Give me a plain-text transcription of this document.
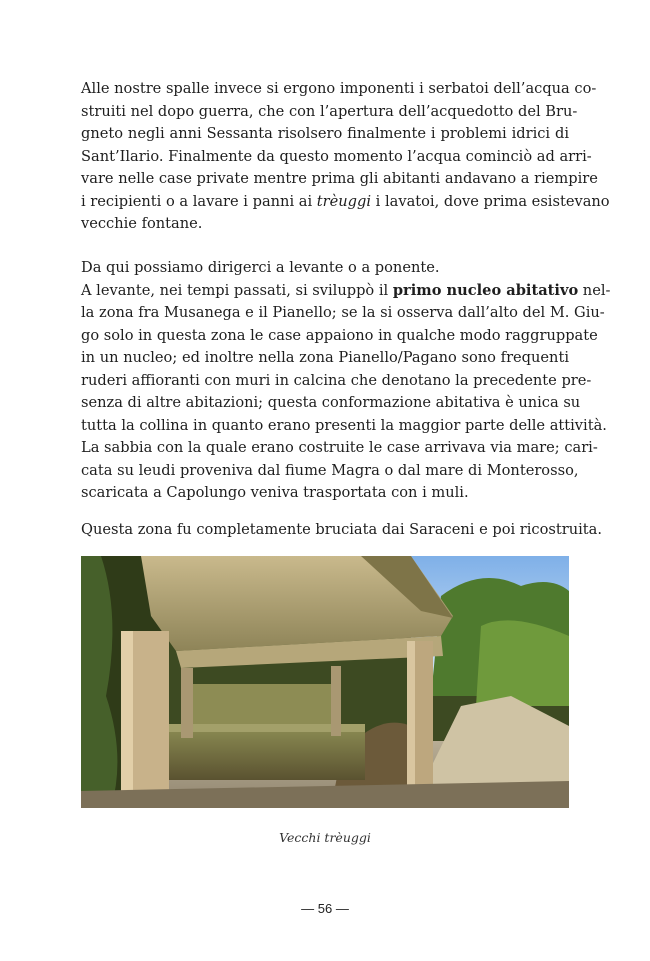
Alle nostre spalle invece si ergono imponenti i serbatoi dell’acqua co-
struiti nel dopo guerra, che con l’apertura dell’acquedotto del Bru-
gneto negli anni Sessanta risolsero finalmente i problemi idrici di
Sant’Ilario. Finalmente da questo momento l’acqua cominciò ad arri-
vare nelle case private mentre prima gli abitanti andavano a riempire
i recipienti o a lavare i panni ai trèuggi i lavatoi, dove prima esistevano
vecchie fontane.
Da qui possiamo dirigerci a levante o a ponente.
A levante, nei tempi passati, si sviluppò il primo nucleo abitativo nel-
la zona fra Musanega e il Pianello; se la si osserva dall’alto del M. Giu-
go solo in questa zona le case appaiono in qualche modo raggruppate
in un nucleo; ed inoltre nella zona Pianello/Pagano sono frequenti
ruderi affioranti con muri in calcina che denotano la precedente pre-
senza di altre abitazioni; questa conformazione abitativa è unica su
tutta la collina in quanto erano presenti la maggior parte delle attività.
La sabbia con la quale erano costruite le case arrivava via mare; cari-
cata su leudi proveniva dal fiume Magra o dal mare di Monterosso,
scaricata a Capolungo veniva trasportata con i muli.
Questa zona fu completamente bruciata dai Saraceni e poi ricostruita.
Vecchi trèuggi
— 56 —
